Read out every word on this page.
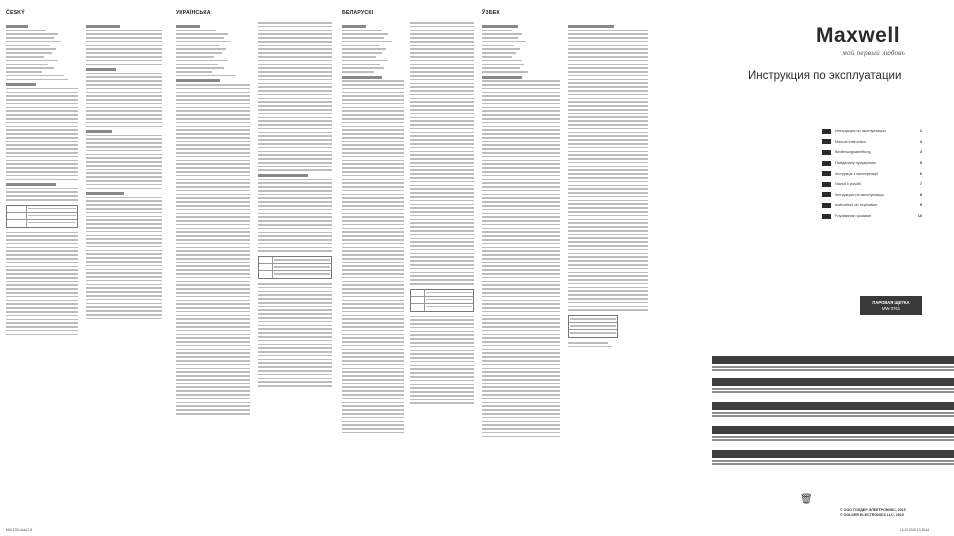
ČESKÝ	УКРАЇНСЬКА	БЕЛАРУСКІ	ЎЗБЕК
Maxwell
мой первый любовь
Инструкция по эксплуатации
Инструкция по эксплуатации	2
Manual instruction	3
Bedienungsanleitung	4
Пайдалану нұсқаулығы	5
Інструкція з експлуатації	6
Návod k použití	7
Інструкцыя па эксплуатацыі	8
Instructiuni de exploatare	9
Foydalanish qoidalari	10
ПАРОВАЯ ЩЕТКА
MW-3761
🗑
© ООО ГОЛДЕР-ЭЛЕКТРОНИКС, 2015
© GOLDER ELECTRONICS LLC, 2015
MW-3761.indd 2-8	14.10.2015 13:35:44
